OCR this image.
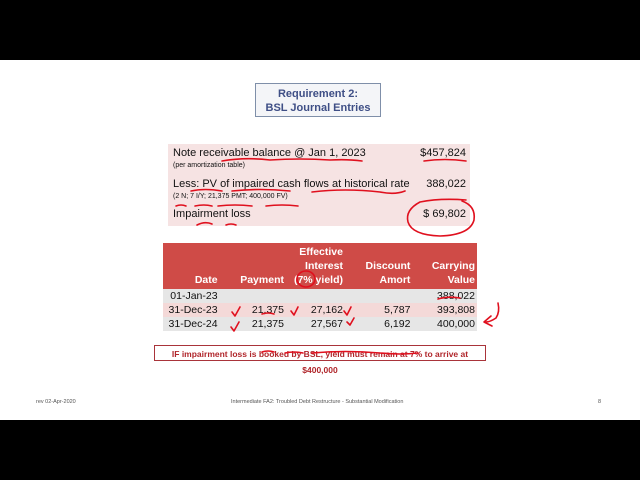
Requirement 2:
BSL Journal Entries
Note receivable balance @ Jan 1, 2023	$457,824
(per amortization table)
Less: PV of impaired cash flows at historical rate 388,022
(2 N; 7 I/Y; 21,375 PMT; 400,000 FV)
Impairment loss	$ 69,802
Date	Payment	Effective Interest (7% yield)	Discount Amort	Carrying Value
01-Jan-23				388,022
31-Dec-23	21,375	27,162	5,787	393,808
31-Dec-24	21,375	27,567	6,192	400,000
IF impairment loss is booked by BSL, yield must remain at 7% to arrive at $400,000
rev 02-Apr-2020	Intermediate FA2: Troubled Debt Restructure - Substantial Modification	8
